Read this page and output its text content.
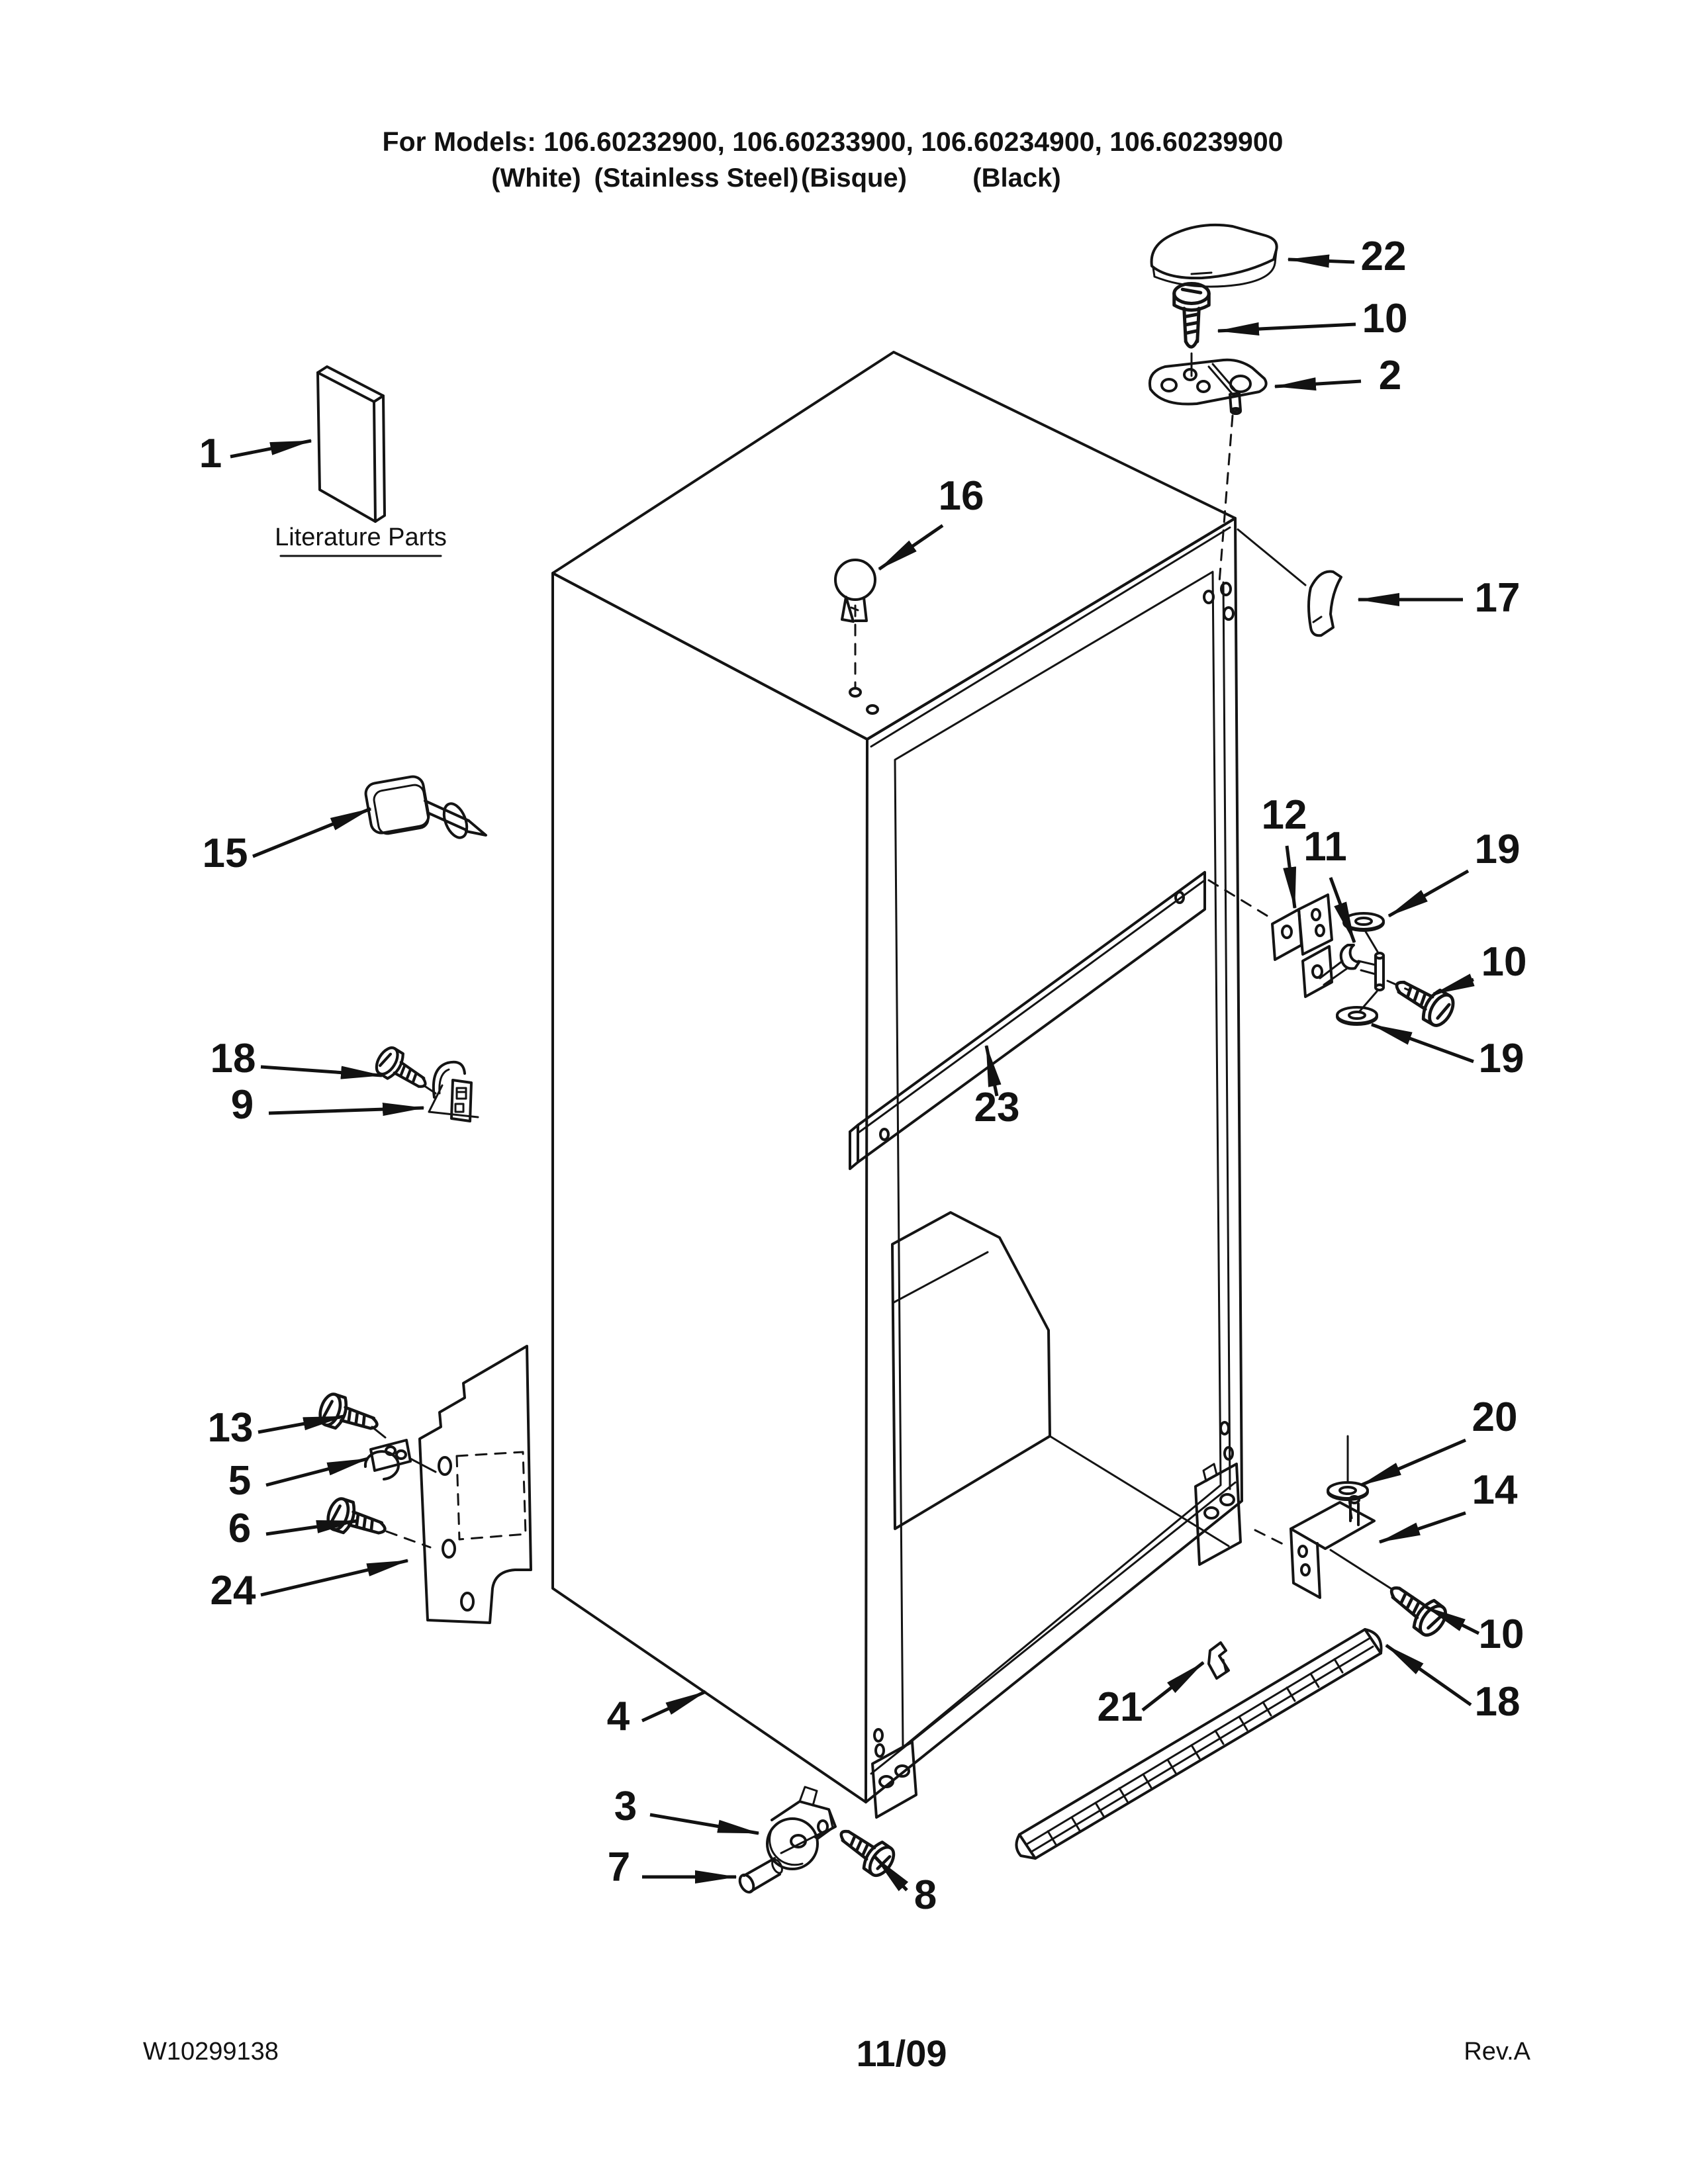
For Models: 106.60232900, 106.60233900, 106.60234900, 106.60239900
(White) (Stainless Steel) (Bisque) (Black)
Literature Parts
1
22
10
2
16
17
15
12
11	19
10
19
18
9	23
13
5
6
24
20
14
10
18
21
4
3
7
8
W10299138	11/09	Rev.A
